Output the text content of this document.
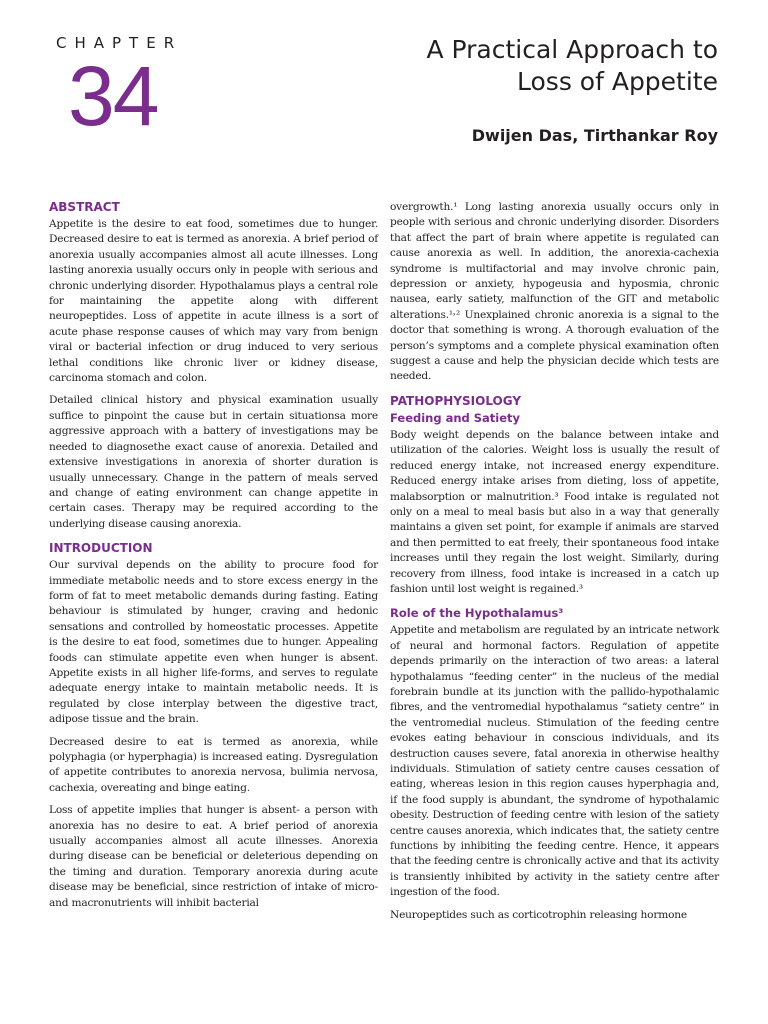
CHAPTER
34	A Practical Approach to
Loss of Appetite
Dwijen Das, Tirthankar Roy
ABSTRACT

Appetite is the desire to eat food, sometimes due to hunger. Decreased desire to eat is termed as anorexia. A brief period of anorexia usually accompanies almost all acute illnesses. Long lasting anorexia usually occurs only in people with serious and chronic underlying disorder. Hypothalamus plays a central role for maintaining the appetite along with different neuropeptides. Loss of appetite in acute illness is a sort of acute phase response causes of which may vary from benign viral or bacterial infection or drug induced to very serious lethal conditions like chronic liver or kidney disease, carcinoma stomach and colon.

Detailed clinical history and physical examination usually suffice to pinpoint the cause but in certain situationsa more aggressive approach with a battery of investigations may be needed to diagnosethe exact cause of anorexia. Detailed and extensive investigations in anorexia of shorter duration is usually unnecessary. Change in the pattern of meals served and change of eating environment can change appetite in certain cases. Therapy may be required according to the underlying disease causing anorexia.

INTRODUCTION

Our survival depends on the ability to procure food for immediate metabolic needs and to store excess energy in the form of fat to meet metabolic demands during fasting. Eating behaviour is stimulated by hunger, craving and hedonic sensations and controlled by homeostatic processes. Appetite is the desire to eat food, sometimes due to hunger. Appealing foods can stimulate appetite even when hunger is absent. Appetite exists in all higher life-forms, and serves to regulate adequate energy intake to maintain metabolic needs. It is regulated by close interplay between the digestive tract, adipose tissue and the brain.

Decreased desire to eat is termed as anorexia, while polyphagia (or hyperphagia) is increased eating. Dysregulation of appetite contributes to anorexia nervosa, bulimia nervosa, cachexia, overeating and binge eating.

Loss of appetite implies that hunger is absent- a person with anorexia has no desire to eat. A brief period of anorexia usually accompanies almost all acute illnesses. Anorexia during disease can be beneficial or deleterious depending on the timing and duration. Temporary anorexia during acute disease may be beneficial, since restriction of intake of micro- and macronutrients will inhibit bacterial

overgrowth.¹ Long lasting anorexia usually occurs only in people with serious and chronic underlying disorder. Disorders that affect the part of brain where appetite is regulated can cause anorexia as well. In addition, the anorexia-cachexia syndrome is multifactorial and may involve chronic pain, depression or anxiety, hypogeusia and hyposmia, chronic nausea, early satiety, malfunction of the GIT and metabolic alterations.¹˒² Unexplained chronic anorexia is a signal to the doctor that something is wrong. A thorough evaluation of the person’s symptoms and a complete physical examination often suggest a cause and help the physician decide which tests are needed.

PATHOPHYSIOLOGY
Feeding and Satiety

Body weight depends on the balance between intake and utilization of the calories. Weight loss is usually the result of reduced energy intake, not increased energy expenditure. Reduced energy intake arises from dieting, loss of appetite, malabsorption or malnutrition.³ Food intake is regulated not only on a meal to meal basis but also in a way that generally maintains a given set point, for example if animals are starved and then permitted to eat freely, their spontaneous food intake increases until they regain the lost weight. Similarly, during recovery from illness, food intake is increased in a catch up fashion until lost weight is regained.³

Role of the Hypothalamus³

Appetite and metabolism are regulated by an intricate network of neural and hormonal factors. Regulation of appetite depends primarily on the interaction of two areas: a lateral hypothalamus “feeding center” in the nucleus of the medial forebrain bundle at its junction with the pallido-hypothalamic fibres, and the ventromedial hypothalamus “satiety centre” in the ventromedial nucleus. Stimulation of the feeding centre evokes eating behaviour in conscious individuals, and its destruction causes severe, fatal anorexia in otherwise healthy individuals. Stimulation of satiety centre causes cessation of eating, whereas lesion in this region causes hyperphagia and, if the food supply is abundant, the syndrome of hypothalamic obesity. Destruction of feeding centre with lesion of the satiety centre causes anorexia, which indicates that, the satiety centre functions by inhibiting the feeding centre. Hence, it appears that the feeding centre is chronically active and that its activity is transiently inhibited by activity in the satiety centre after ingestion of the food.

Neuropeptides such as corticotrophin releasing hormone
